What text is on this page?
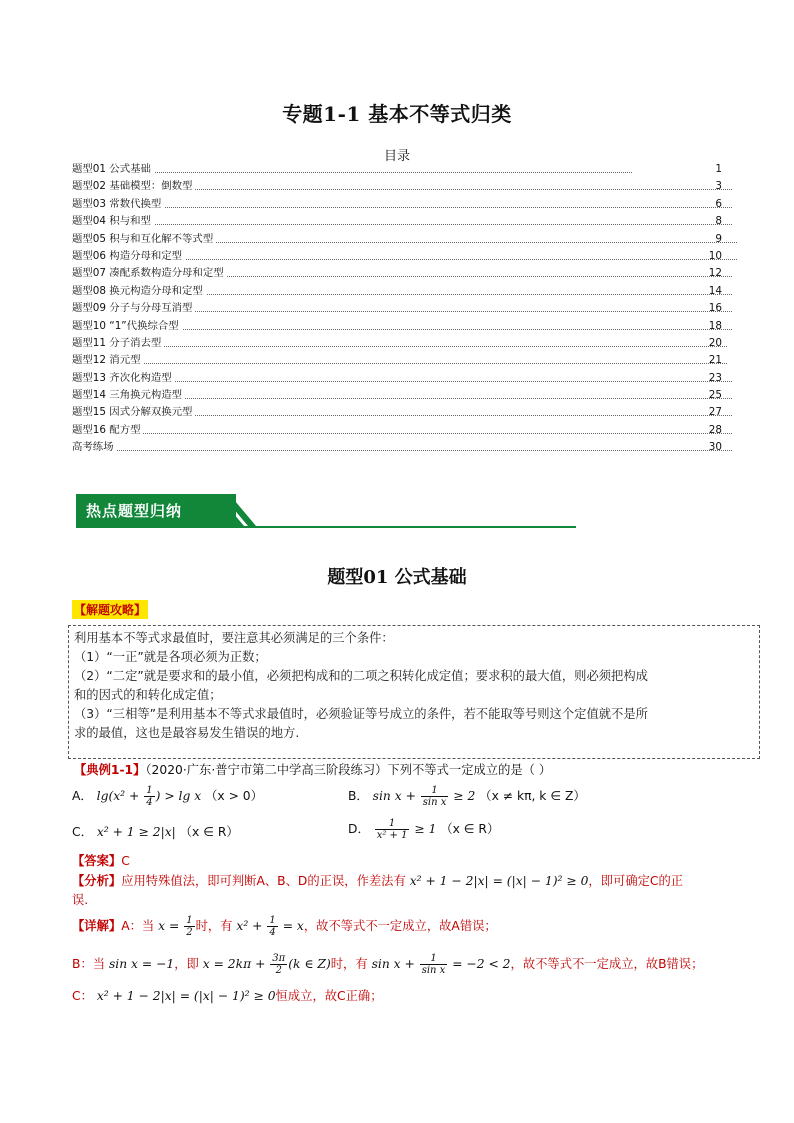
专题1-1 基本不等式归类
目录
题型01 公式基础	1
题型02 基础模型：倒数型	3
题型03 常数代换型	6
题型04 积与和型	8
题型05 积与和互化解不等式型	9
题型06 构造分母和定型	10
题型07 凑配系数构造分母和定型	12
题型08 换元构造分母和定型	14
题型09 分子与分母互消型	16
题型10 “1”代换综合型	18
题型11 分子消去型	20
题型12 消元型	21
题型13 齐次化构造型	23
题型14 三角换元构造型	25
题型15 因式分解双换元型	27
题型16 配方型	28
高考练场	30
热点题型归纳
题型01 公式基础
【解题攻略】
利用基本不等式求最值时，要注意其必须满足的三个条件：
（1）“一正”就是各项必须为正数；
（2）“二定”就是要求和的最小值，必须把构成和的二项之积转化成定值；要求积的最大值，则必须把构成
和的因式的和转化成定值；
（3）“三相等”是利用基本不等式求最值时，必须验证等号成立的条件，若不能取等号则这个定值就不是所
求的最值，这也是最容易发生错误的地方.
【典例1-1】（2020·广东·普宁市第二中学高三阶段练习）下列不等式一定成立的是（ ）
A． $\lg(x^2 + \frac{1}{4}$ ) > lg x （x > 0）	B． $\sin x + \frac{1}{\text{sin x}} \ge 2$ （x ≠ kπ, k ∈ Z）
C． x² + 1 ≥ 2|x| （x ∈ R）	D． $\frac{1}{\text{x² + 1}} \ge 1$ （x ∈ R）
【答案】C
【分析】应用特殊值法，即可判断A、B、D的正误，作差法有 x² + 1 − 2|x| = (|x| − 1)² ≥ 0，即可确定C的正
误.
【详解】A：当 $x = \frac{1}{2}$ 时，有 $x^2 + \frac{1}{4} = x$，故不等式不一定成立，故A错误；
B：当 sin x = −1，即 $x = 2k\pi + \frac{3\pi}{2} (k$ ∈ Z)时，有 $\sin x + \frac{1}{\text{sin x}} = -2 < 2$，故不等式不一定成立，故B错误；
C： x² + 1 − 2|x| = (|x| − 1)² ≥ 0恒成立，故C正确；
